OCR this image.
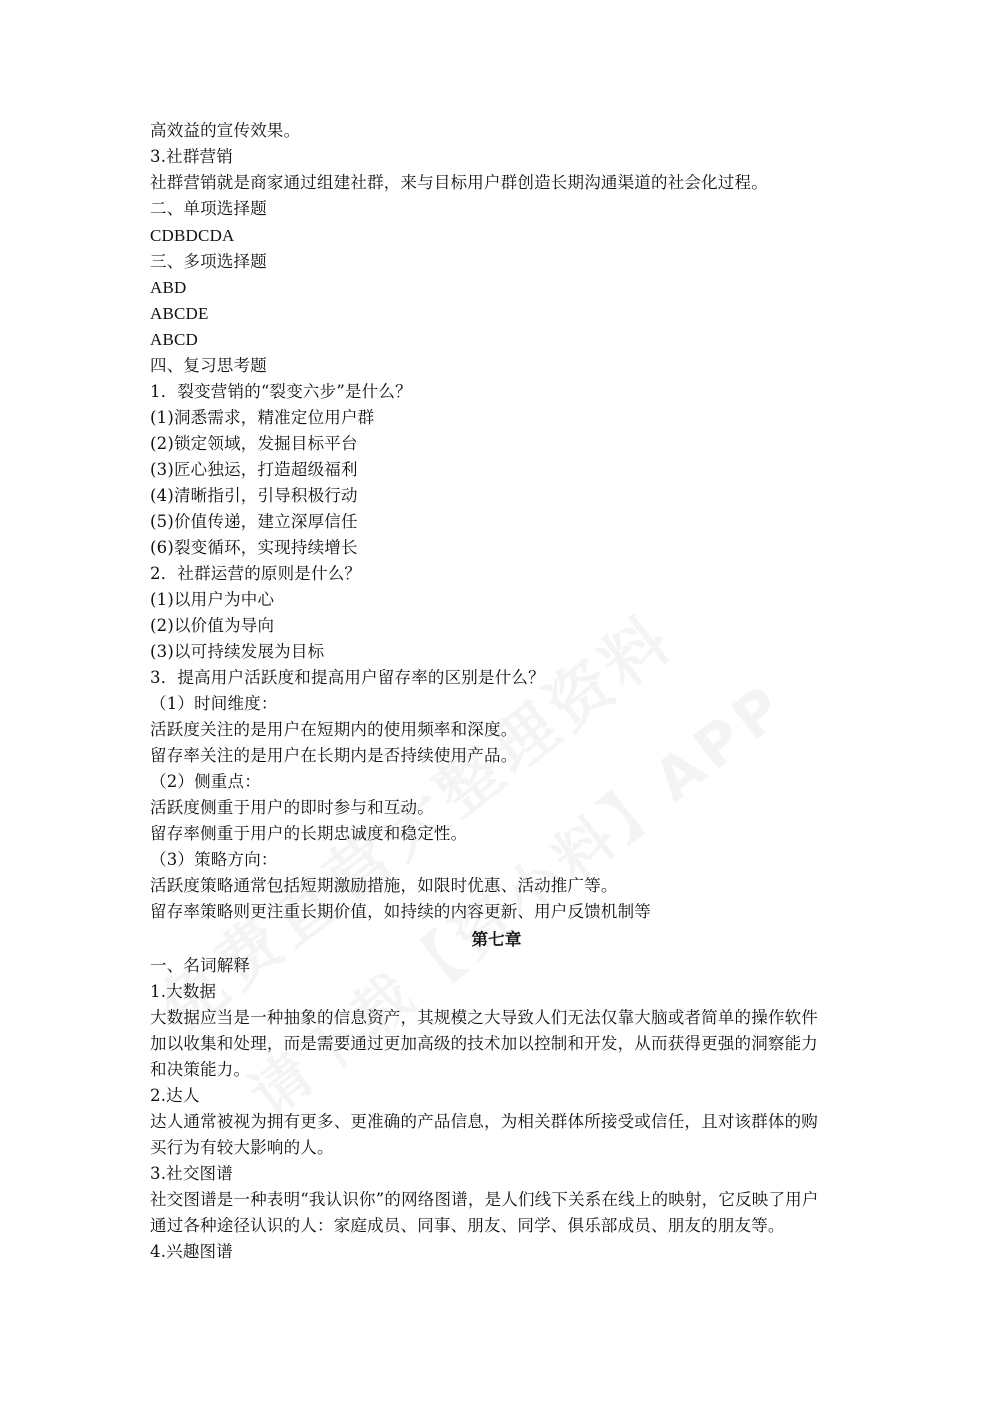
高效益的宣传效果。
3.社群营销
社群营销就是商家通过组建社群，来与目标用户群创造长期沟通渠道的社会化过程。
二、单项选择题
CDBDCDA
三、多项选择题
ABD
ABCDE
ABCD
四、复习思考题
1．裂变营销的“裂变六步”是什么？
(1)洞悉需求，精准定位用户群
(2)锁定领域，发掘目标平台
(3)匠心独运，打造超级福利
(4)清晰指引，引导积极行动
(5)价值传递，建立深厚信任
(6)裂变循环，实现持续增长
2．社群运营的原则是什么？
(1)以用户为中心
(2)以价值为导向
(3)以可持续发展为目标
3．提高用户活跃度和提高用户留存率的区别是什么？
（1）时间维度：
活跃度关注的是用户在短期内的使用频率和深度。
留存率关注的是用户在长期内是否持续使用产品。
（2）侧重点：
活跃度侧重于用户的即时参与和互动。
留存率侧重于用户的长期忠诚度和稳定性。
（3）策略方向：
活跃度策略通常包括短期激励措施，如限时优惠、活动推广等。
留存率策略则更注重长期价值，如持续的内容更新、用户反馈机制等
第七章
一、名词解释
1.大数据
大数据应当是一种抽象的信息资产，其规模之大导致人们无法仅靠大脑或者简单的操作软件
加以收集和处理，而是需要通过更加高级的技术加以控制和开发，从而获得更强的洞察能力
和决策能力。
2.达人
达人通常被视为拥有更多、更准确的产品信息，为相关群体所接受或信任，且对该群体的购
买行为有较大影响的人。
3.社交图谱
社交图谱是一种表明“我认识你”的网络图谱，是人们线下关系在线上的映射，它反映了用户
通过各种途径认识的人：家庭成员、同事、朋友、同学、俱乐部成员、朋友的朋友等。
4.兴趣图谱
